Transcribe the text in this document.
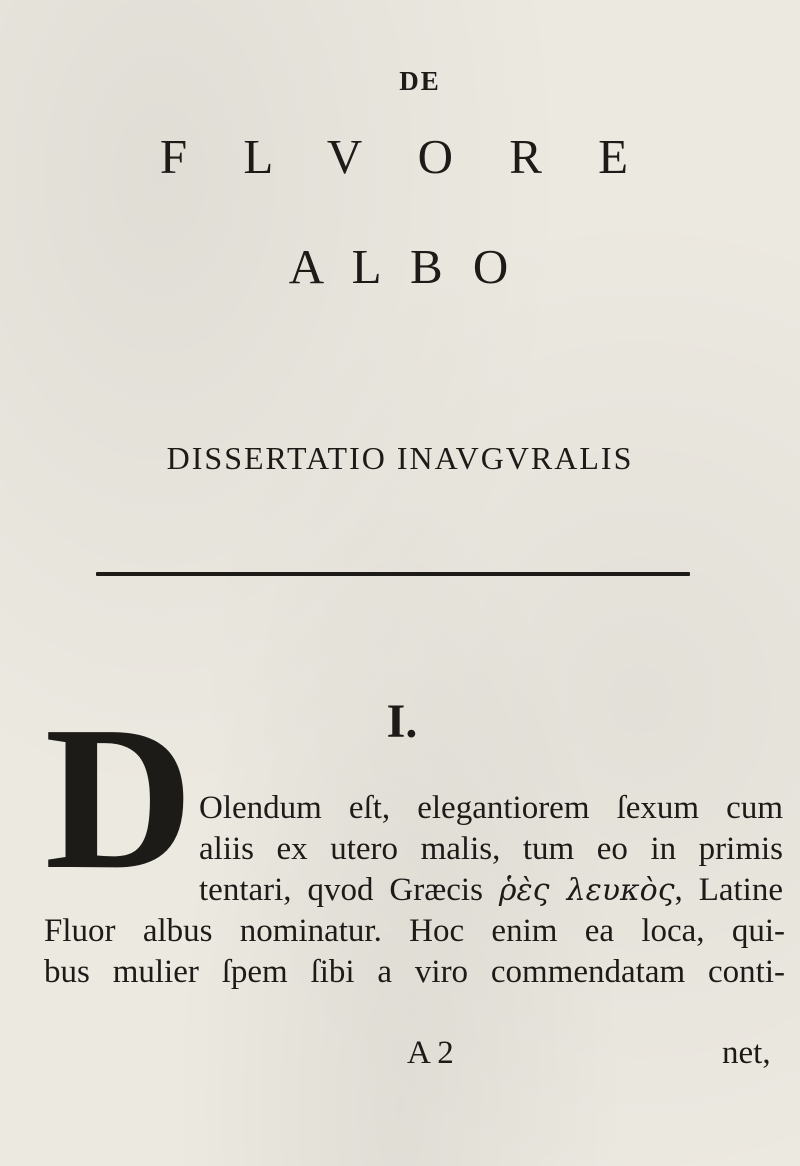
DE
F L V O R E
A L B O
DISSERTATIO INAVGVRALIS
I.
D Olendum eſt, elegantiorem ſexum cum
aliis ex utero malis, tum eo in primis
tentari, qvod Græcis ῥὲς λευκὸς, Latine
Fluor albus nominatur. Hoc enim ea loca, qui-
bus mulier ſpem ſibi a viro commendatam conti-
A 2	net,
